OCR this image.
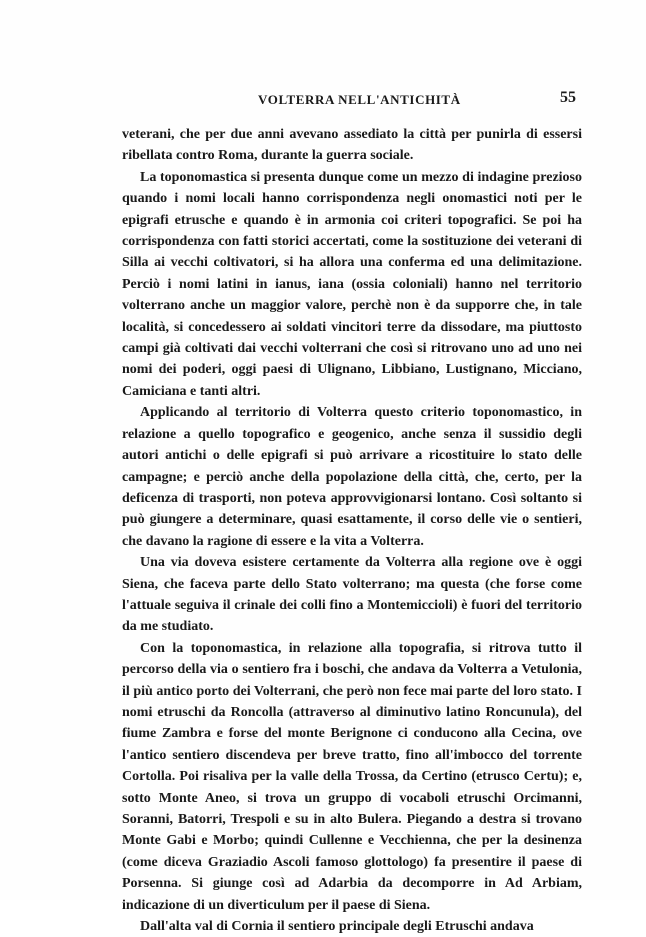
VOLTERRA NELL'ANTICHITÀ	55

veterani, che per due anni avevano assediato la città per punirla di essersi ribellata contro Roma, durante la guerra sociale.

La toponomastica si presenta dunque come un mezzo di indagine prezioso quando i nomi locali hanno corrispondenza negli onomastici noti per le epigrafi etrusche e quando è in armonia coi criteri topografici. Se poi ha corrispondenza con fatti storici accertati, come la sostituzione dei veterani di Silla ai vecchi coltivatori, si ha allora una conferma ed una delimitazione. Perciò i nomi latini in ianus, iana (ossia coloniali) hanno nel territorio volterrano anche un maggior valore, perchè non è da supporre che, in tale località, si concedessero ai soldati vincitori terre da dissodare, ma piuttosto campi già coltivati dai vecchi volterrani che così si ritrovano uno ad uno nei nomi dei poderi, oggi paesi di Ulignano, Libbiano, Lustignano, Micciano, Camiciana e tanti altri.

Applicando al territorio di Volterra questo criterio toponomastico, in relazione a quello topografico e geogenico, anche senza il sussidio degli autori antichi o delle epigrafi si può arrivare a ricostituire lo stato delle campagne; e perciò anche della popolazione della città, che, certo, per la deficenza di trasporti, non poteva approvvigionarsi lontano. Così soltanto si può giungere a determinare, quasi esattamente, il corso delle vie o sentieri, che davano la ragione di essere e la vita a Volterra.

Una via doveva esistere certamente da Volterra alla regione ove è oggi Siena, che faceva parte dello Stato volterrano; ma questa (che forse come l'attuale seguiva il crinale dei colli fino a Montemiccioli) è fuori del territorio da me studiato.

Con la toponomastica, in relazione alla topografia, si ritrova tutto il percorso della via o sentiero fra i boschi, che andava da Volterra a Vetulonia, il più antico porto dei Volterrani, che però non fece mai parte del loro stato. I nomi etruschi da Roncolla (attraverso al diminutivo latino Roncunula), del fiume Zambra e forse del monte Berignone ci conducono alla Cecina, ove l'antico sentiero discendeva per breve tratto, fino all'imbocco del torrente Cortolla. Poi risaliva per la valle della Trossa, da Certino (etrusco Certu); e, sotto Monte Aneo, si trova un gruppo di vocaboli etruschi Orcimanni, Soranni, Batorri, Trespoli e su in alto Bulera. Piegando a destra si trovano Monte Gabi e Morbo; quindi Cullenne e Vecchienna, che per la desinenza (come diceva Graziadio Ascoli famoso glottologo) fa presentire il paese di Porsenna. Si giunge così ad Adarbia da decomporre in Ad Arbiam, indicazione di un diverticulum per il paese di Siena.

Dall'alta val di Cornia il sentiero principale degli Etruschi andava
